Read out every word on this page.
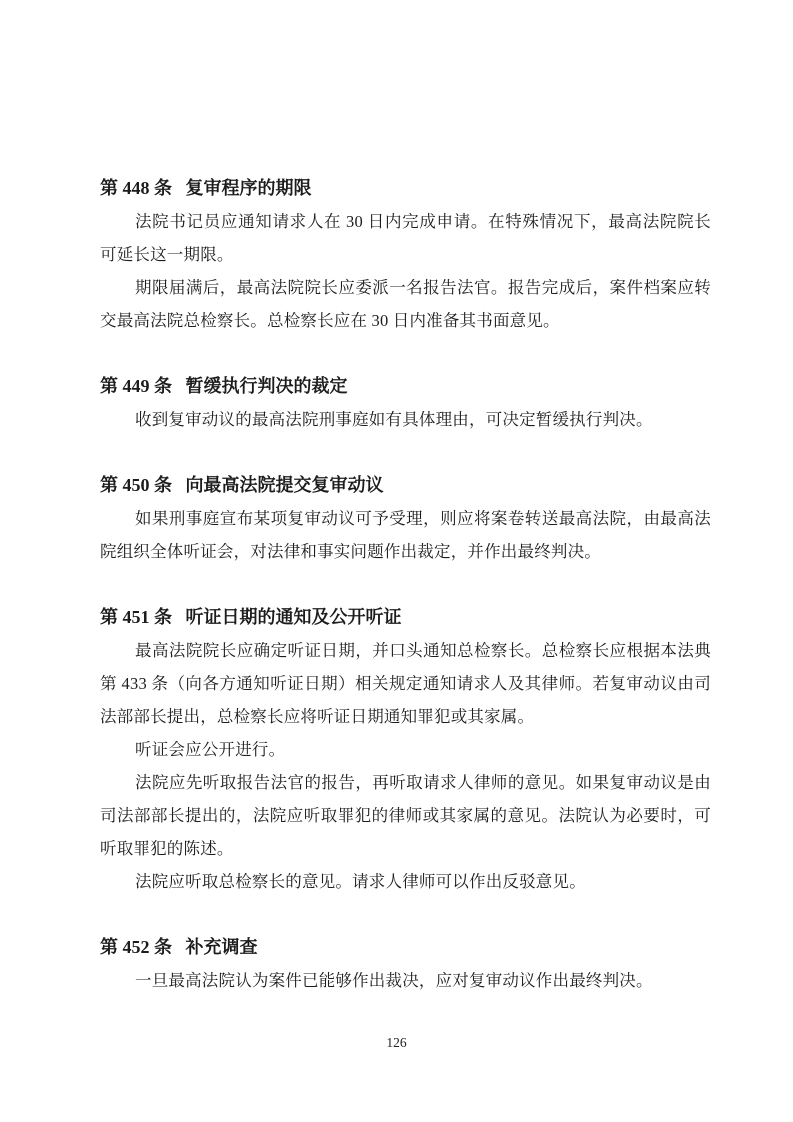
第 448 条 复审程序的期限

法院书记员应通知请求人在 30 日内完成申请。在特殊情况下，最高法院院长可延长这一期限。

期限届满后，最高法院院长应委派一名报告法官。报告完成后，案件档案应转交最高法院总检察长。总检察长应在 30 日内准备其书面意见。

第 449 条 暂缓执行判决的裁定

收到复审动议的最高法院刑事庭如有具体理由，可决定暂缓执行判决。

第 450 条 向最高法院提交复审动议

如果刑事庭宣布某项复审动议可予受理，则应将案卷转送最高法院，由最高法院组织全体听证会，对法律和事实问题作出裁定，并作出最终判决。

第 451 条 听证日期的通知及公开听证

最高法院院长应确定听证日期，并口头通知总检察长。总检察长应根据本法典第 433 条（向各方通知听证日期）相关规定通知请求人及其律师。若复审动议由司法部部长提出，总检察长应将听证日期通知罪犯或其家属。

听证会应公开进行。

法院应先听取报告法官的报告，再听取请求人律师的意见。如果复审动议是由司法部部长提出的，法院应听取罪犯的律师或其家属的意见。法院认为必要时，可听取罪犯的陈述。

法院应听取总检察长的意见。请求人律师可以作出反驳意见。

第 452 条 补充调查

一旦最高法院认为案件已能够作出裁决，应对复审动议作出最终判决。

126
